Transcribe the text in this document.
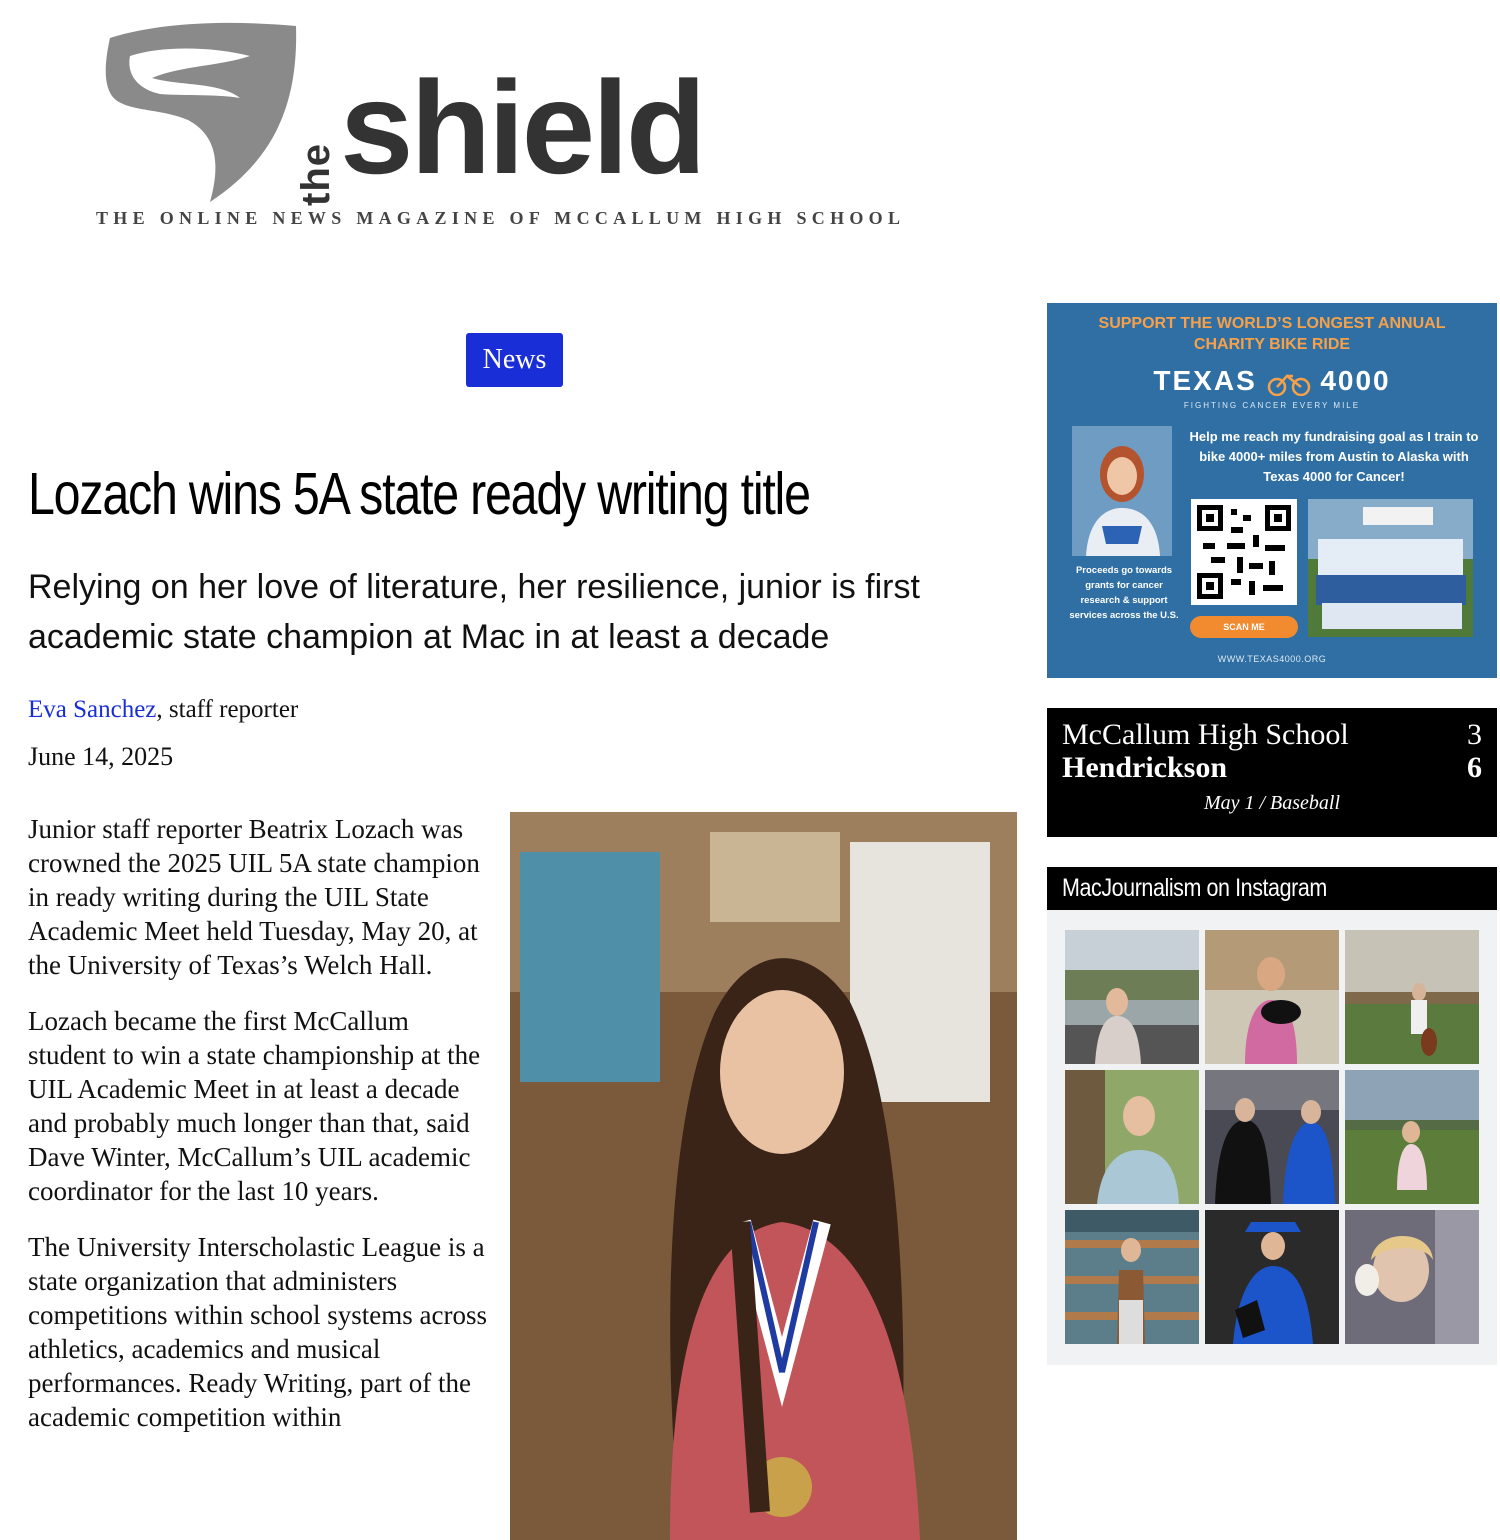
the shield
THE ONLINE NEWS MAGAZINE OF MCCALLUM HIGH SCHOOL
News
Lozach wins 5A state ready writing title
Relying on her love of literature, her resilience, junior is first academic state champion at Mac in at least a decade
Eva Sanchez, staff reporter
June 14, 2025

Junior staff reporter Beatrix Lozach was crowned the 2025 UIL 5A state champion in ready writing during the UIL State Academic Meet held Tuesday, May 20, at the University of Texas’s Welch Hall.

Lozach became the first McCallum student to win a state championship at the UIL Academic Meet in at least a decade and probably much longer than that, said Dave Winter, McCallum’s UIL academic coordinator for the last 10 years.

The University Interscholastic League is a state organization that administers competitions within school systems across athletics, academics and musical performances. Ready Writing, part of the academic competition within

SUPPORT THE WORLD’S LONGEST ANNUAL
CHARITY BIKE RIDE
TEXAS 4000
FIGHTING CANCER EVERY MILE
Help me reach my fundraising goal as I train to bike 4000+ miles from Austin to Alaska with Texas 4000 for Cancer!
Proceeds go towards grants for cancer research & support services across the U.S.
SCAN ME
WWW.TEXAS4000.ORG
McCallum High School	3
Hendrickson	6
May 1 / Baseball
MacJournalism on Instagram
